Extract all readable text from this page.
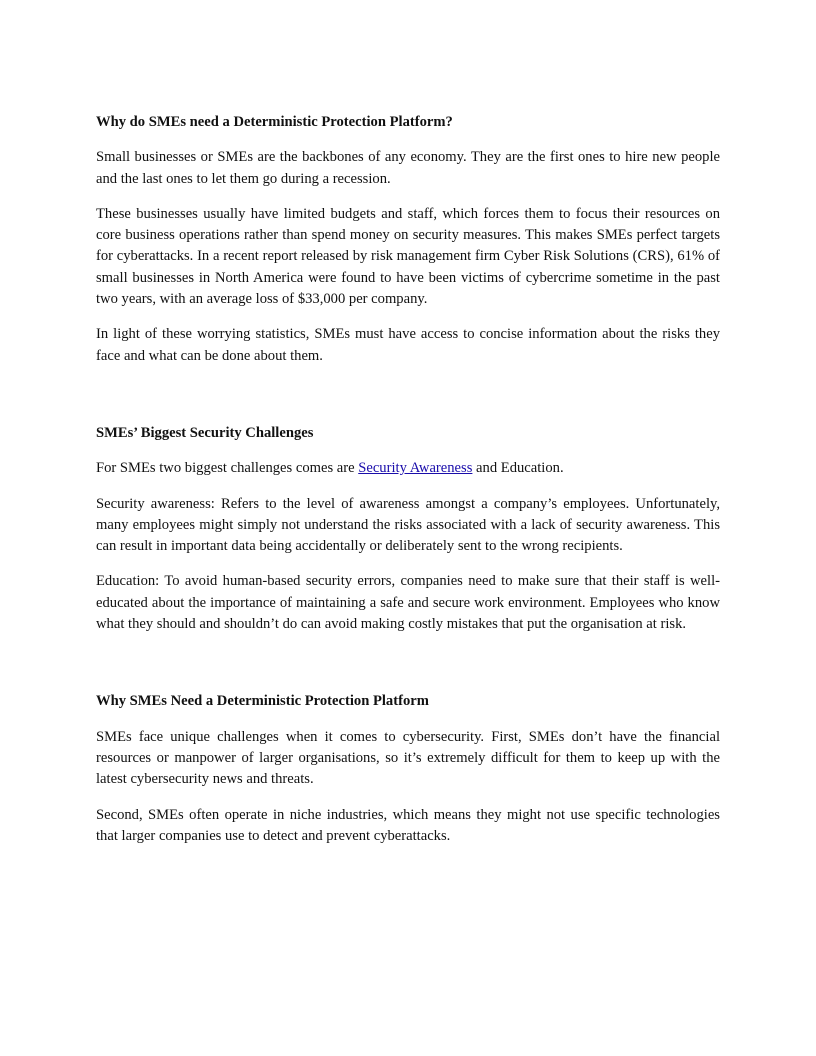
Why do SMEs need a Deterministic Protection Platform?

Small businesses or SMEs are the backbones of any economy. They are the first ones to hire new people and the last ones to let them go during a recession.

These businesses usually have limited budgets and staff, which forces them to focus their resources on core business operations rather than spend money on security measures. This makes SMEs perfect targets for cyberattacks. In a recent report released by risk management firm Cyber Risk Solutions (CRS), 61% of small businesses in North America were found to have been victims of cybercrime sometime in the past two years, with an average loss of $33,000 per company.

In light of these worrying statistics, SMEs must have access to concise information about the risks they face and what can be done about them.

SMEs’ Biggest Security Challenges

For SMEs two biggest challenges comes are Security Awareness and Education.

Security awareness: Refers to the level of awareness amongst a company’s employees. Unfortunately, many employees might simply not understand the risks associated with a lack of security awareness. This can result in important data being accidentally or deliberately sent to the wrong recipients.

Education: To avoid human-based security errors, companies need to make sure that their staff is well-educated about the importance of maintaining a safe and secure work environment. Employees who know what they should and shouldn’t do can avoid making costly mistakes that put the organisation at risk.

Why SMEs Need a Deterministic Protection Platform

SMEs face unique challenges when it comes to cybersecurity. First, SMEs don’t have the financial resources or manpower of larger organisations, so it’s extremely difficult for them to keep up with the latest cybersecurity news and threats.

Second, SMEs often operate in niche industries, which means they might not use specific technologies that larger companies use to detect and prevent cyberattacks.
